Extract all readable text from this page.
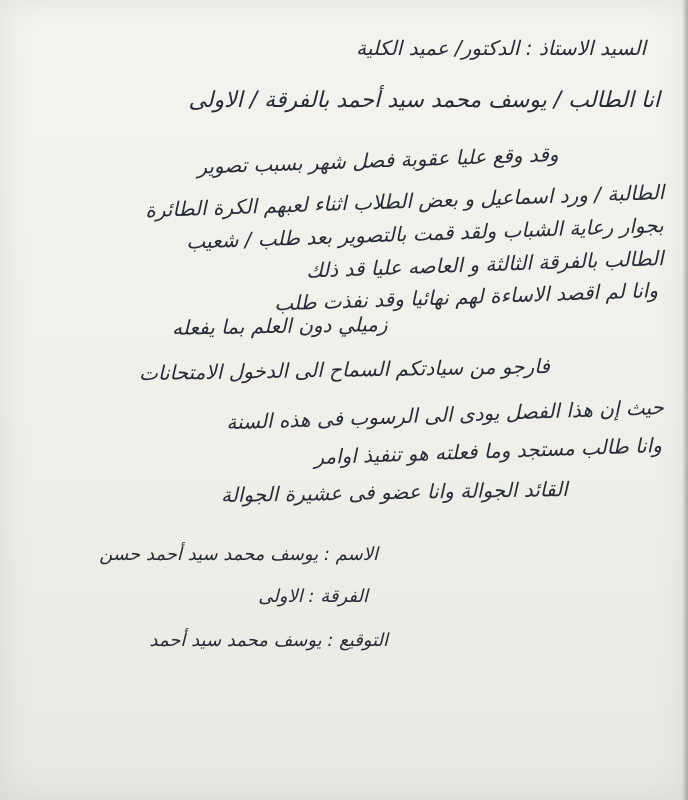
السيد الاستاذ : الدكتور/ عميد الكلية
انا الطالب / يوسف محمد سيد أحمد بالفرقة / الاولى
وقد وقع عليا عقوبة فصل شهر بسبب تصوير
الطالبة / ورد اسماعيل و بعض الطلاب اثناء لعبهم الكرة الطائرة
بجوار رعاية الشباب ولقد قمت بالتصوير بعد طلب / شعيب
الطالب بالفرقة الثالثة و العاصه عليا قد ذلك
وانا لم اقصد الاساءة لهم نهائيا وقد نفذت طلب
زميلي دون العلم بما يفعله
فارجو من سيادتكم السماح الى الدخول الامتحانات
حيث إن هذا الفصل يودى الى الرسوب فى هذه السنة
وانا طالب مستجد وما فعلته هو تنفيذ اوامر
القائد الجوالة وانا عضو فى عشيرة الجوالة
الاسم : يوسف محمد سيد أحمد حسن
الفرقة : الاولى
التوقيع : يوسف محمد سيد أحمد
